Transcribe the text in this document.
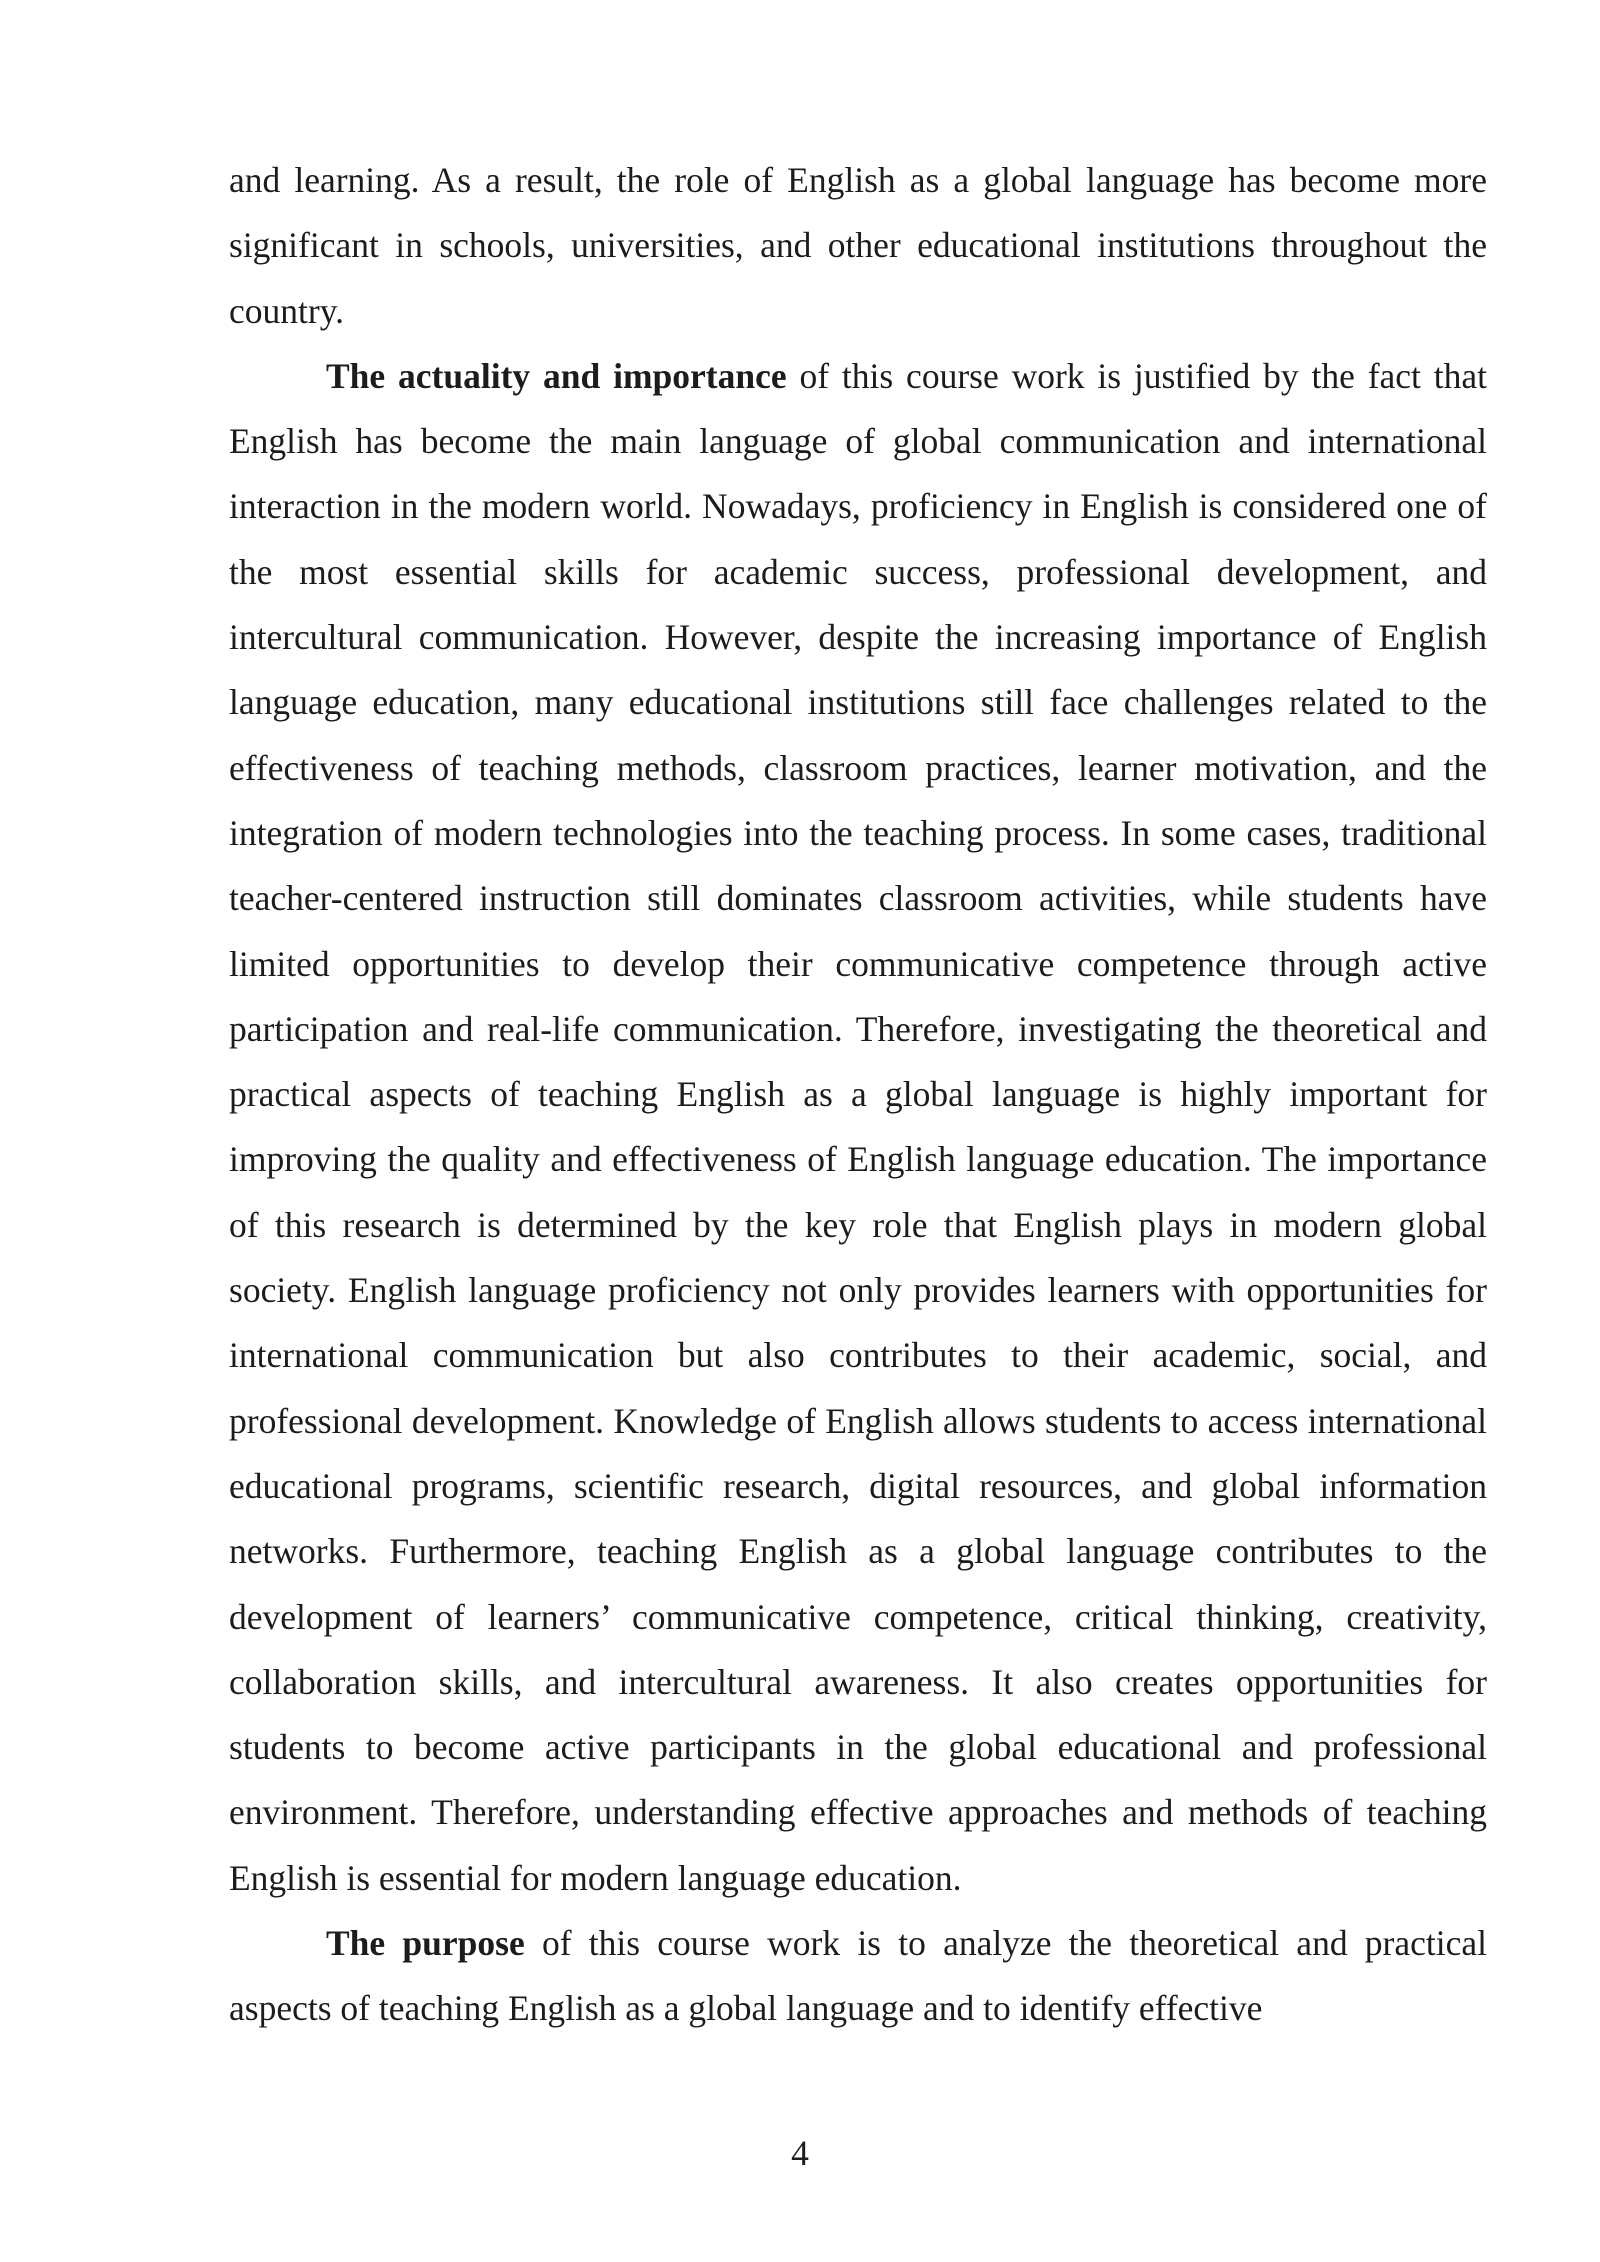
and learning. As a result, the role of English as a global language has become more significant in schools, universities, and other educational institutions throughout the country.

The actuality and importance of this course work is justified by the fact that English has become the main language of global communication and international interaction in the modern world. Nowadays, proficiency in English is considered one of the most essential skills for academic success, professional development, and intercultural communication. However, despite the increasing importance of English language education, many educational institutions still face challenges related to the effectiveness of teaching methods, classroom practices, learner motivation, and the integration of modern technologies into the teaching process. In some cases, traditional teacher-centered instruction still dominates classroom activities, while students have limited opportunities to develop their communicative competence through active participation and real-life communication. Therefore, investigating the theoretical and practical aspects of teaching English as a global language is highly important for improving the quality and effectiveness of English language education. The importance of this research is determined by the key role that English plays in modern global society. English language proficiency not only provides learners with opportunities for international communication but also contributes to their academic, social, and professional development. Knowledge of English allows students to access international educational programs, scientific research, digital resources, and global information networks. Furthermore, teaching English as a global language contributes to the development of learners’ communicative competence, critical thinking, creativity, collaboration skills, and intercultural awareness. It also creates opportunities for students to become active participants in the global educational and professional environment. Therefore, understanding effective approaches and methods of teaching English is essential for modern language education.

The purpose of this course work is to analyze the theoretical and practical aspects of teaching English as a global language and to identify effective

4
